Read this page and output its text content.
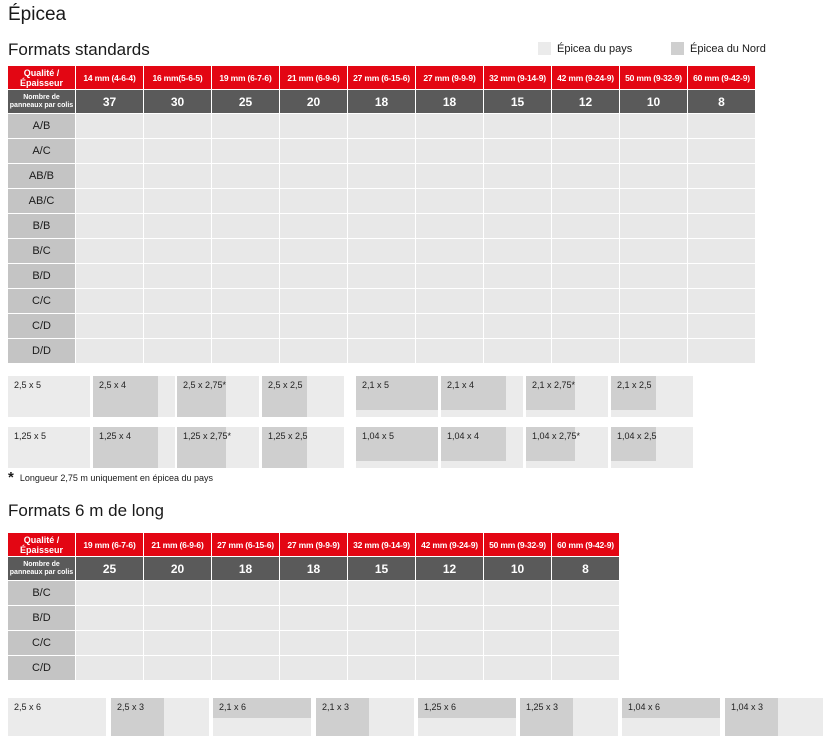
Épicea
Formats standards	Épicea du pays	Épicea du Nord
Qualité / Épaisseur	14 mm (4-6-4)	16 mm(5-6-5)	19 mm (6-7-6)	21 mm (6-9-6)	27 mm (6-15-6)	27 mm (9-9-9)	32 mm (9-14-9)	42 mm (9-24-9)	50 mm (9-32-9)	60 mm (9-42-9)
Nombre de panneaux par colis	37	30	25	20	18	18	15	12	10	8
A/B										
A/C										
AB/B										
AB/C										
B/B										
B/C										
B/D										
C/C										
C/D										
D/D										
2,5 x 5	2,5 x 4	2,5 x 2,75*	2,5 x 2,5	2,1 x 5	2,1 x 4	2,1 x 2,75*	2,1 x 2,5
1,25 x 5	1,25 x 4	1,25 x 2,75*	1,25 x 2,5	1,04 x 5	1,04 x 4	1,04 x 2,75*	1,04 x 2,5
* Longueur 2,75 m uniquement en épicea du pays
Formats 6 m de long
Qualité / Épaisseur	19 mm (6-7-6)	21 mm (6-9-6)	27 mm (6-15-6)	27 mm (9-9-9)	32 mm (9-14-9)	42 mm (9-24-9)	50 mm (9-32-9)	60 mm (9-42-9)
Nombre de panneaux par colis	25	20	18	18	15	12	10	8
B/C								
B/D								
C/C								
C/D								
2,5 x 6	2,5 x 3	2,1 x 6	2,1 x 3	1,25 x 6	1,25 x 3	1,04 x 6	1,04 x 3
